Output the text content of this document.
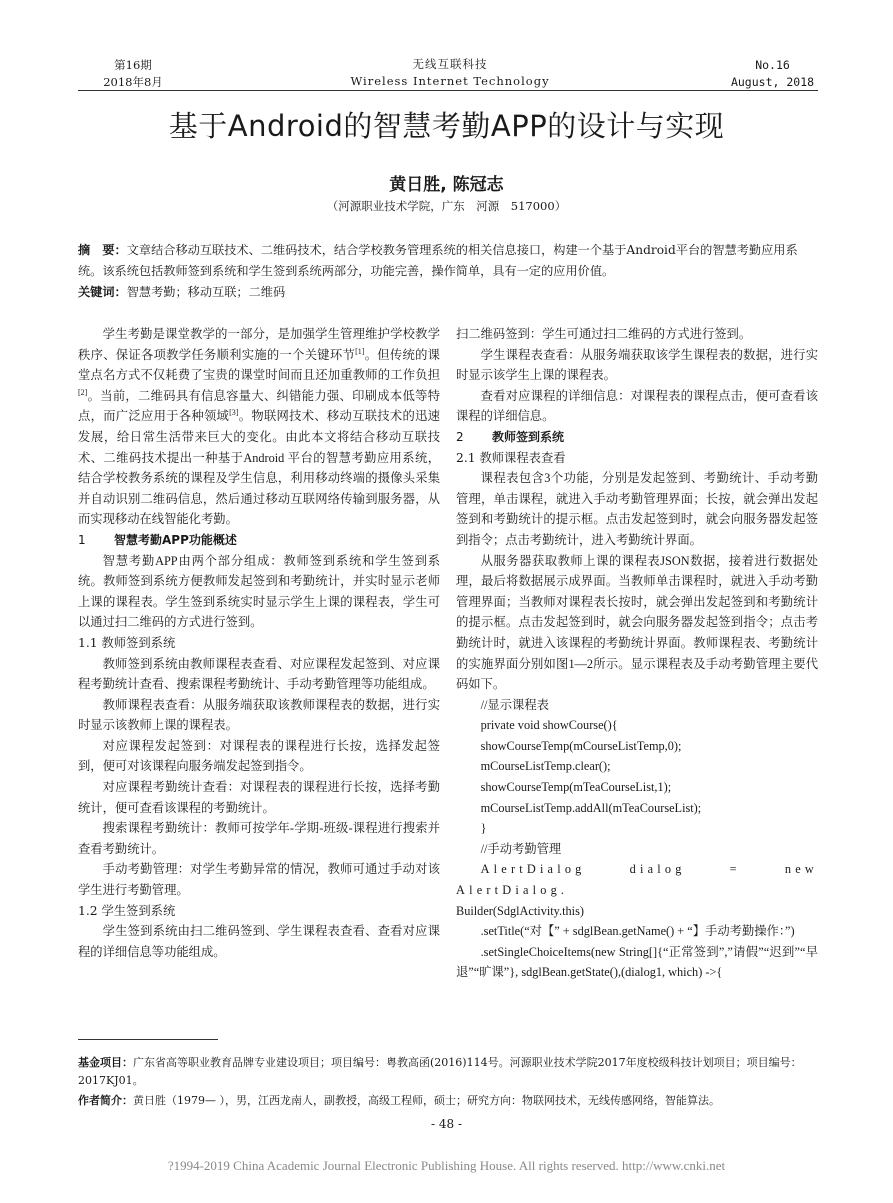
第16期
2018年8月
无线互联科技
Wireless Internet Technology
No.16
August, 2018
基于Android的智慧考勤APP的设计与实现
黄日胜, 陈冠志
（河源职业技术学院，广东　河源　517000）
摘　要：文章结合移动互联技术、二维码技术，结合学校教务管理系统的相关信息接口，构建一个基于Android平台的智慧考勤应用系统。该系统包括教师签到系统和学生签到系统两部分，功能完善，操作简单，具有一定的应用价值。
关键词：智慧考勤；移动互联；二维码

学生考勤是课堂教学的一部分，是加强学生管理维护学校教学秩序、保证各项教学任务顺利实施的一个关键环节[1]。但传统的课堂点名方式不仅耗费了宝贵的课堂时间而且还加重教师的工作负担[2]。当前，二维码具有信息容量大、纠错能力强、印刷成本低等特点，而广泛应用于各种领域[3]。物联网技术、移动互联技术的迅速发展，给日常生活带来巨大的变化。由此本文将结合移动互联技术、二维码技术提出一种基于Android 平台的智慧考勤应用系统，结合学校教务系统的课程及学生信息，利用移动终端的摄像头采集并自动识别二维码信息，然后通过移动互联网络传输到服务器，从而实现移动在线智能化考勤。

1 智慧考勤APP功能概述

智慧考勤APP由两个部分组成：教师签到系统和学生签到系统。教师签到系统方便教师发起签到和考勤统计，并实时显示老师上课的课程表。学生签到系统实时显示学生上课的课程表，学生可以通过扫二维码的方式进行签到。

1.1 教师签到系统

教师签到系统由教师课程表查看、对应课程发起签到、对应课程考勤统计查看、搜索课程考勤统计、手动考勤管理等功能组成。

教师课程表查看：从服务端获取该教师课程表的数据，进行实时显示该教师上课的课程表。

对应课程发起签到：对课程表的课程进行长按，选择发起签到，便可对该课程向服务端发起签到指令。

对应课程考勤统计查看：对课程表的课程进行长按，选择考勤统计，便可查看该课程的考勤统计。

搜索课程考勤统计：教师可按学年-学期-班级-课程进行搜索并查看考勤统计。

手动考勤管理：对学生考勤异常的情况，教师可通过手动对该学生进行考勤管理。

1.2 学生签到系统

学生签到系统由扫二维码签到、学生课程表查看、查看对应课程的详细信息等功能组成。

扫二维码签到：学生可通过扫二维码的方式进行签到。

学生课程表查看：从服务端获取该学生课程表的数据，进行实时显示该学生上课的课程表。

查看对应课程的详细信息：对课程表的课程点击，便可查看该课程的详细信息。

2 教师签到系统

2.1 教师课程表查看

课程表包含3个功能，分别是发起签到、考勤统计、手动考勤管理，单击课程，就进入手动考勤管理界面；长按，就会弹出发起签到和考勤统计的提示框。点击发起签到时，就会向服务器发起签到指令；点击考勤统计，进入考勤统计界面。

从服务器获取教师上课的课程表JSON数据，接着进行数据处理，最后将数据展示成界面。当教师单击课程时，就进入手动考勤管理界面；当教师对课程表长按时，就会弹出发起签到和考勤统计的提示框。点击发起签到时，就会向服务器发起签到指令；点击考勤统计时，就进入该课程的考勤统计界面。教师课程表、考勤统计的实施界面分别如图1—2所示。显示课程表及手动考勤管理主要代码如下。

//显示课程表

private void showCourse(){

showCourseTemp(mCourseListTemp,0);

mCourseListTemp.clear();

showCourseTemp(mTeaCourseList,1);

mCourseListTemp.addAll(mTeaCourseList);

}

//手动考勤管理

AlertDialog dialog = new AlertDialog.

Builder(SdglActivity.this)

.setTitle(“对【” + sdglBean.getName() + “】手动考勤操作：”)

.setSingleChoiceItems(new String[]{“正常签到”,”请假”“迟到”“早退”“旷课”}, sdglBean.getState(),(dialog1, which) ->{

基金项目：广东省高等职业教育品牌专业建设项目；项目编号：粤教高函(2016)114号。河源职业技术学院2017年度校级科技计划项目；项目编号：2017KJ01。
作者简介：黄日胜（1979— ），男，江西龙南人，副教授，高级工程师，硕士；研究方向：物联网技术，无线传感网络，智能算法。
- 48 -
?1994-2019 China Academic Journal Electronic Publishing House. All rights reserved. http://www.cnki.net
